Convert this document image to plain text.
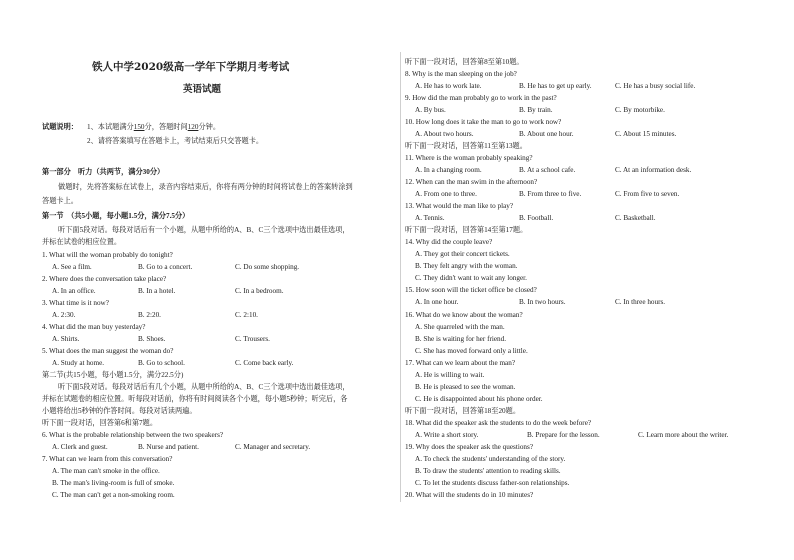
铁人中学2020级高一学年下学期月考考试
英语试题
试题说明： 1、本试题满分150分，答题时间120分钟。
2、请将答案填写在答题卡上，考试结束后只交答题卡。
第一部分　听力（共两节，满分30分）
做题时，先将答案标在试卷上，录音内容结束后，你将有两分钟的时间将试卷上的答案转涂到
答题卡上。
第一节　（共5小题，每小题1.5分，满分7.5分）
听下面5段对话。每段对话后有一个小题，从题中所给的A、B、C三个选项中选出最佳选项，
并标在试卷的相应位置。
1. What will the woman probably do tonight?
A. See a film.	B. Go to a concert.	C. Do some shopping.
2. Where does the conversation take place?
A. In an office.	B. In a hotel.	C. In a bedroom.
3. What time is it now?
A. 2:30.	B. 2:20.	C. 2:10.
4. What did the man buy yesterday?
A. Shirts.	B. Shoes.	C. Trousers.
5. What does the man suggest the woman do?
A. Study at home.	B. Go to school.	C. Come back early.
第二节(共15小题，每小题1.5分，满分22.5分)
听下面5段对话。每段对话后有几个小题，从题中所给的A、B、C三个选项中选出最佳选项，
并标在试题卷的相应位置。听每段对话前，你将有时间阅读各个小题，每小题5秒钟；听完后，各
小题将给出5秒钟的作答时间。每段对话读两遍。
听下面一段对话，回答第6和第7题。
6. What is the probable relationship between the two speakers?
A. Clerk and guest.	B. Nurse and patient.	C. Manager and secretary.
7. What can we learn from this conversation?
A. The man can't smoke in the office.
B. The man's living-room is full of smoke.
C. The man can't get a non-smoking room.
听下面一段对话，回答第8至第10题。
8. Why is the man sleeping on the job?
A. He has to work late.	B. He has to get up early.	C. He has a busy social life.
9. How did the man probably go to work in the past?
A. By bus.	B. By train.	C. By motorbike.
10. How long does it take the man to go to work now?
A. About two hours.	B. About one hour.	C. About 15 minutes.
听下面一段对话，回答第11至第13题。
11. Where is the woman probably speaking?
A. In a changing room.	B. At a school cafe.	C. At an information desk.
12. When can the man swim in the afternoon?
A. From one to three.	B. From three to five.	C. From five to seven.
13. What would the man like to play?
A. Tennis.	B. Football.	C. Basketball.
听下面一段对话，回答第14至第17题。
14. Why did the couple leave?
A. They got their concert tickets.
B. They felt angry with the woman.
C. They didn't want to wait any longer.
15. How soon will the ticket office be closed?
A. In one hour.	B. In two hours.	C. In three hours.
16. What do we know about the woman?
A. She quarreled with the man.
B. She is waiting for her friend.
C. She has moved forward only a little.
17. What can we learn about the man?
A. He is willing to wait.
B. He is pleased to see the woman.
C. He is disappointed about his phone order.
听下面一段对话，回答第18至20题。
18. What did the speaker ask the students to do the week before?
A. Write a short story.	B. Prepare for the lesson.	C. Learn more about the writer.
19. Why does the speaker ask the questions?
A. To check the students' understanding of the story.
B. To draw the students' attention to reading skills.
C. To let the students discuss father-son relationships.
20. What will the students do in 10 minutes?
